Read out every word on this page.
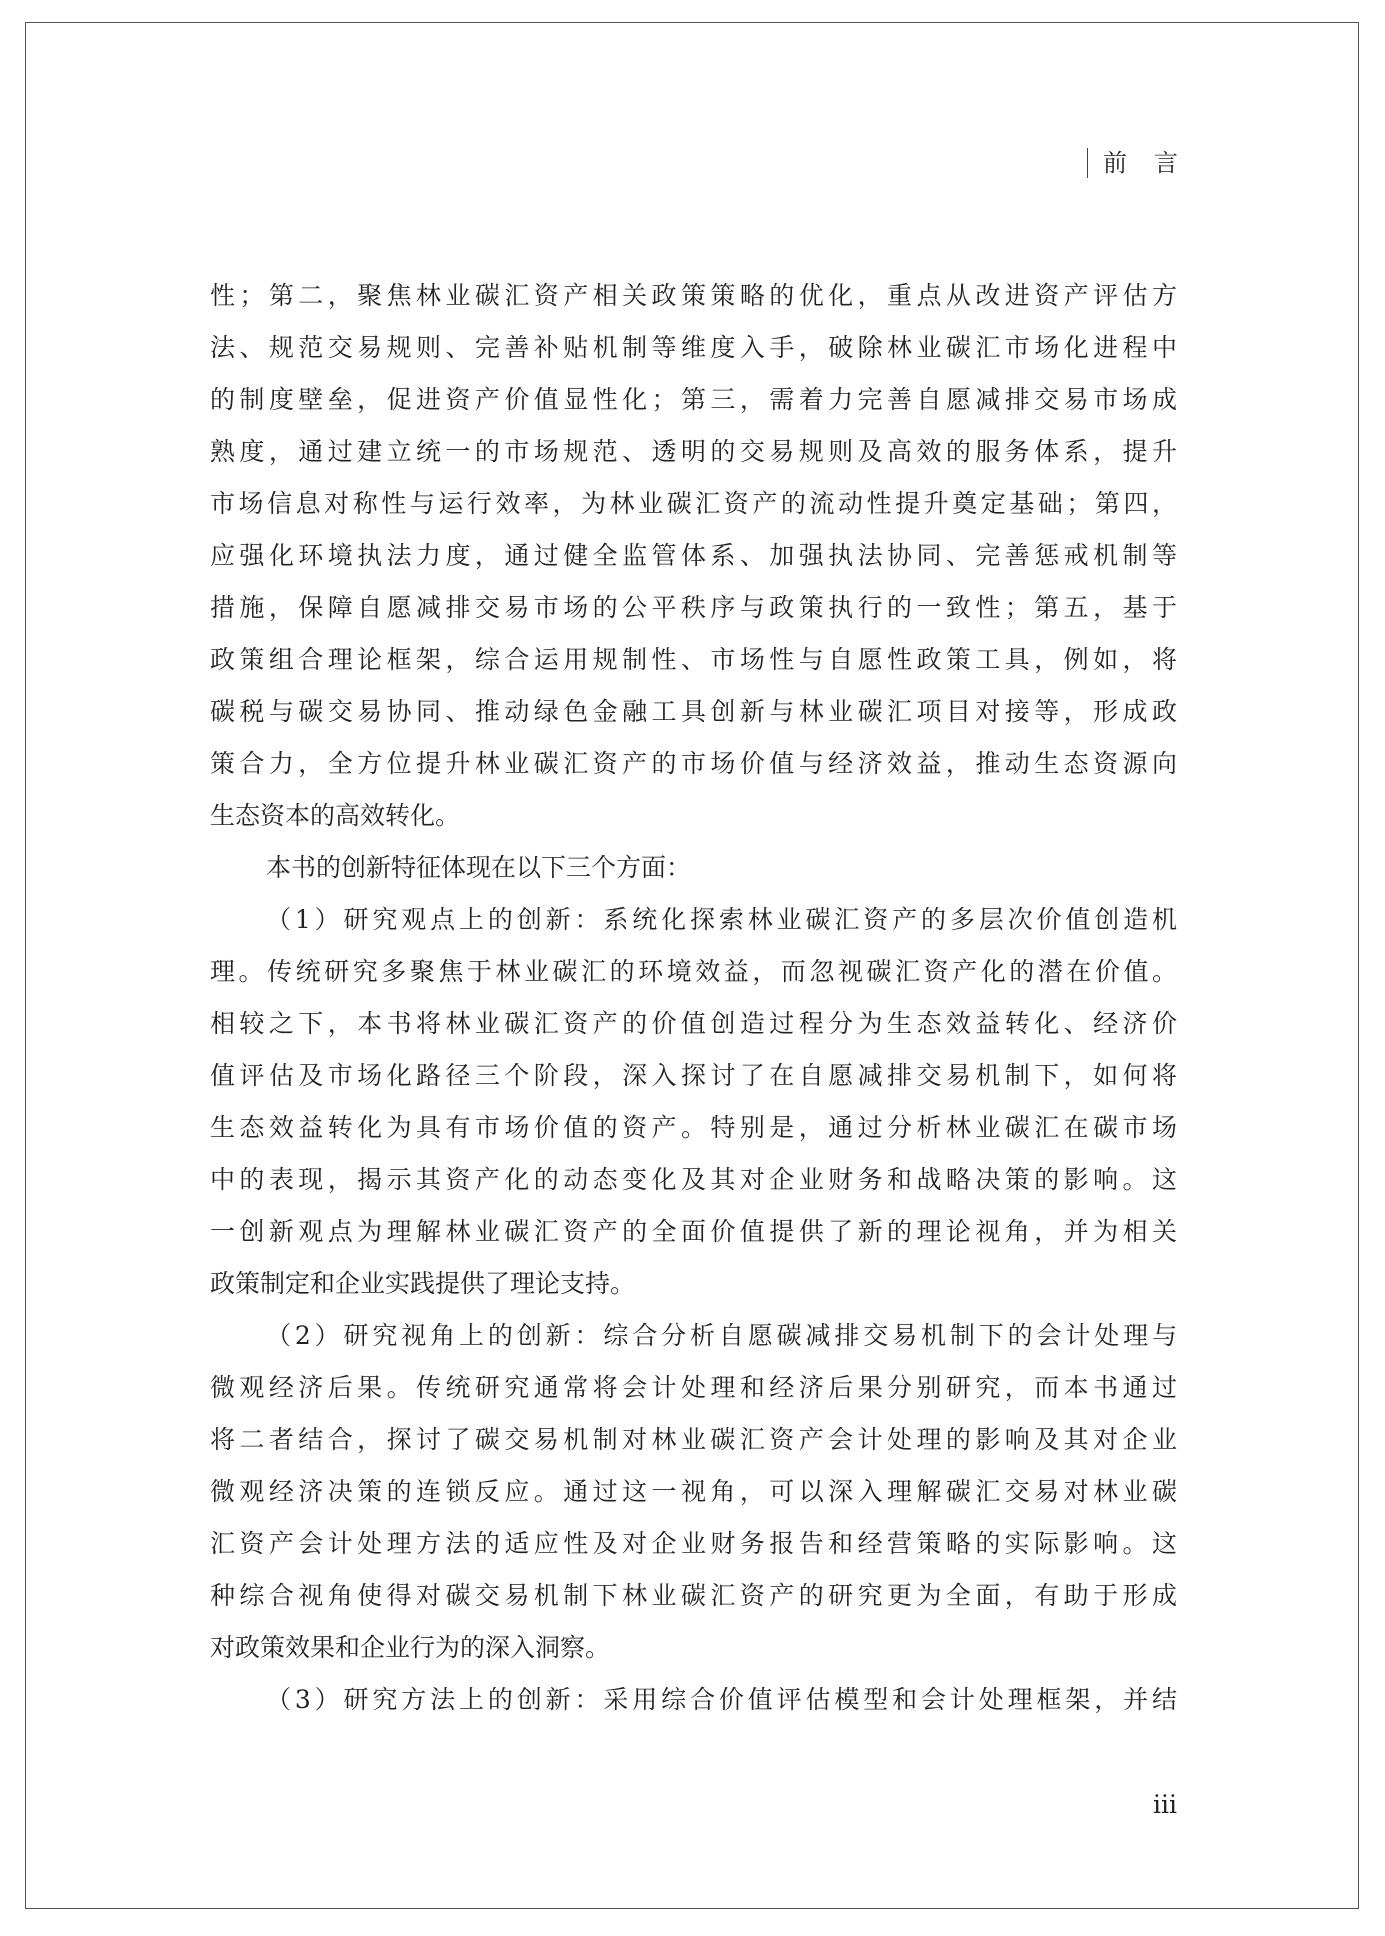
前 言
性；第二，聚焦林业碳汇资产相关政策策略的优化，重点从改进资产评估方
法、规范交易规则、完善补贴机制等维度入手，破除林业碳汇市场化进程中
的制度壁垒，促进资产价值显性化；第三，需着力完善自愿减排交易市场成
熟度，通过建立统一的市场规范、透明的交易规则及高效的服务体系，提升
市场信息对称性与运行效率，为林业碳汇资产的流动性提升奠定基础；第四，
应强化环境执法力度，通过健全监管体系、加强执法协同、完善惩戒机制等
措施，保障自愿减排交易市场的公平秩序与政策执行的一致性；第五，基于
政策组合理论框架，综合运用规制性、市场性与自愿性政策工具，例如，将
碳税与碳交易协同、推动绿色金融工具创新与林业碳汇项目对接等，形成政
策合力，全方位提升林业碳汇资产的市场价值与经济效益，推动生态资源向
生态资本的高效转化。
本书的创新特征体现在以下三个方面：
（1）研究观点上的创新：系统化探索林业碳汇资产的多层次价值创造机
理。传统研究多聚焦于林业碳汇的环境效益，而忽视碳汇资产化的潜在价值。
相较之下，本书将林业碳汇资产的价值创造过程分为生态效益转化、经济价
值评估及市场化路径三个阶段，深入探讨了在自愿减排交易机制下，如何将
生态效益转化为具有市场价值的资产。特别是，通过分析林业碳汇在碳市场
中的表现，揭示其资产化的动态变化及其对企业财务和战略决策的影响。这
一创新观点为理解林业碳汇资产的全面价值提供了新的理论视角，并为相关
政策制定和企业实践提供了理论支持。
（2）研究视角上的创新：综合分析自愿碳减排交易机制下的会计处理与
微观经济后果。传统研究通常将会计处理和经济后果分别研究，而本书通过
将二者结合，探讨了碳交易机制对林业碳汇资产会计处理的影响及其对企业
微观经济决策的连锁反应。通过这一视角，可以深入理解碳汇交易对林业碳
汇资产会计处理方法的适应性及对企业财务报告和经营策略的实际影响。这
种综合视角使得对碳交易机制下林业碳汇资产的研究更为全面，有助于形成
对政策效果和企业行为的深入洞察。
（3）研究方法上的创新：采用综合价值评估模型和会计处理框架，并结
iii
